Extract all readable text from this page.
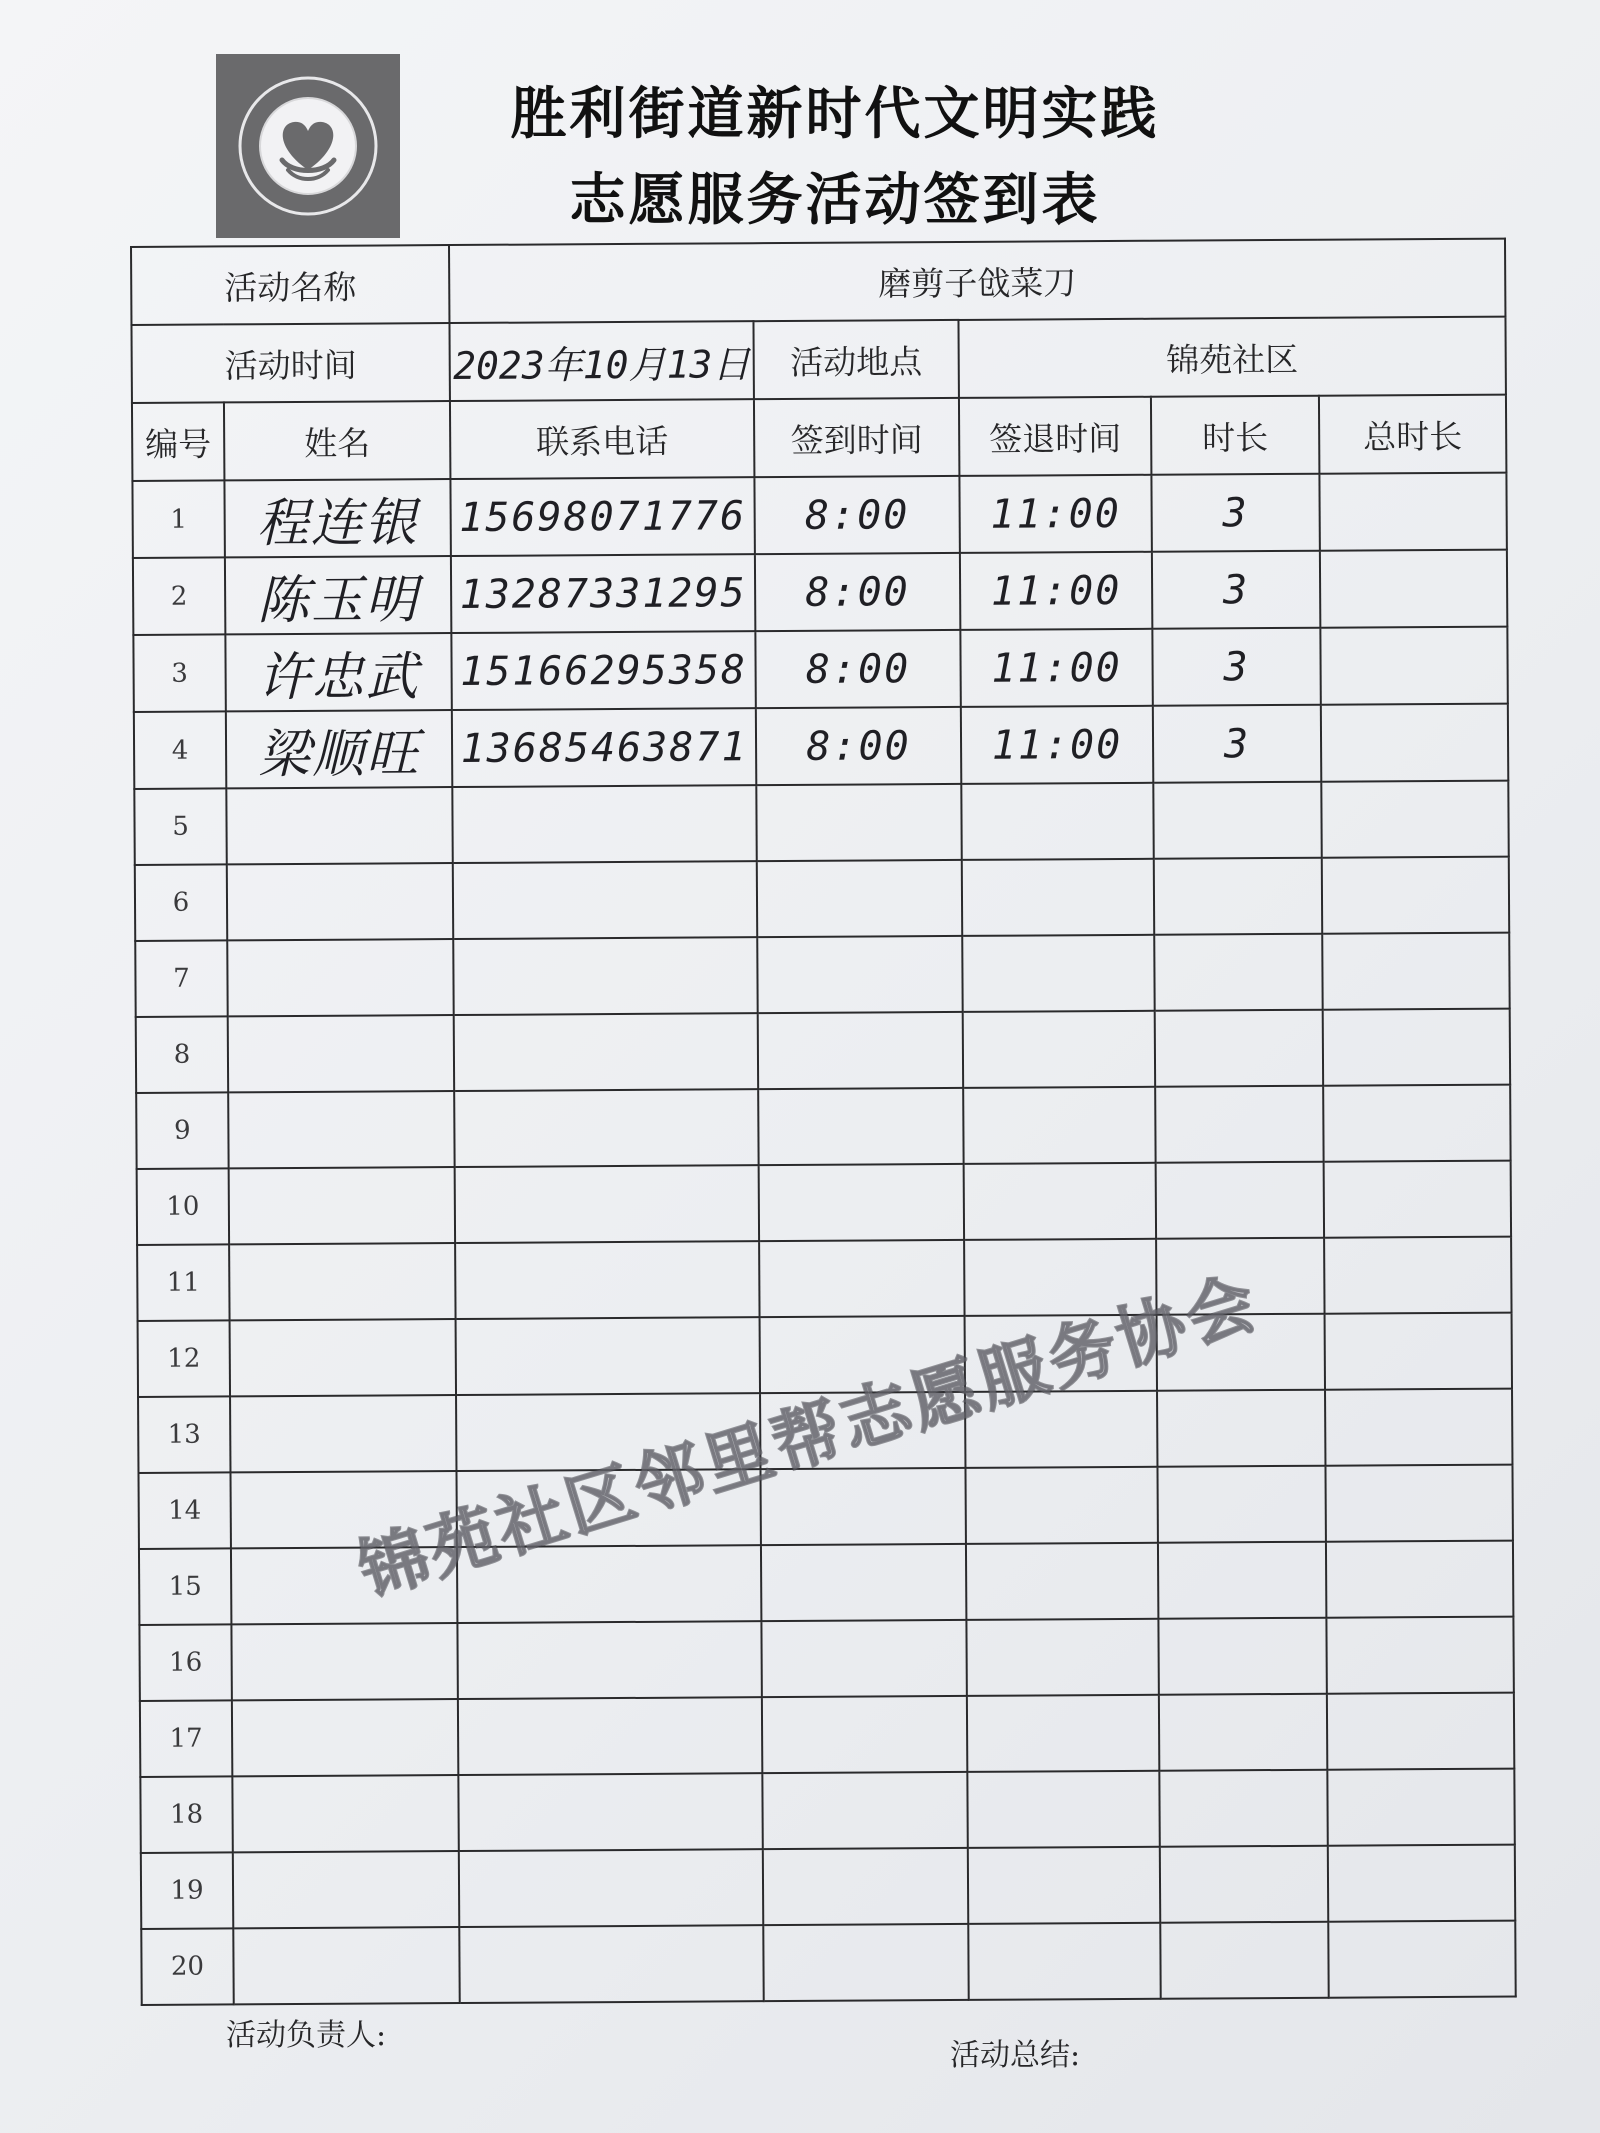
胜利街道新时代文明实践
志愿服务活动签到表
活动名称		磨剪子戗菜刀				
活动时间		2023年10月13日	活动地点	锦苑社区		
编号	姓名	联系电话	签到时间	签退时间	时长	总时长
1	程连银	15698071776	8:00	11:00	3	
2	陈玉明	13287331295	8:00	11:00	3	
3	许忠武	15166295358	8:00	11:00	3	
4	梁顺旺	13685463871	8:00	11:00	3	
5						
6						
7						
8						
9						
10						
11						
12						
13						
14						
15						
16						
17						
18						
19						
20						
锦苑社区邻里帮志愿服务协会
活动负责人:
活动总结:
